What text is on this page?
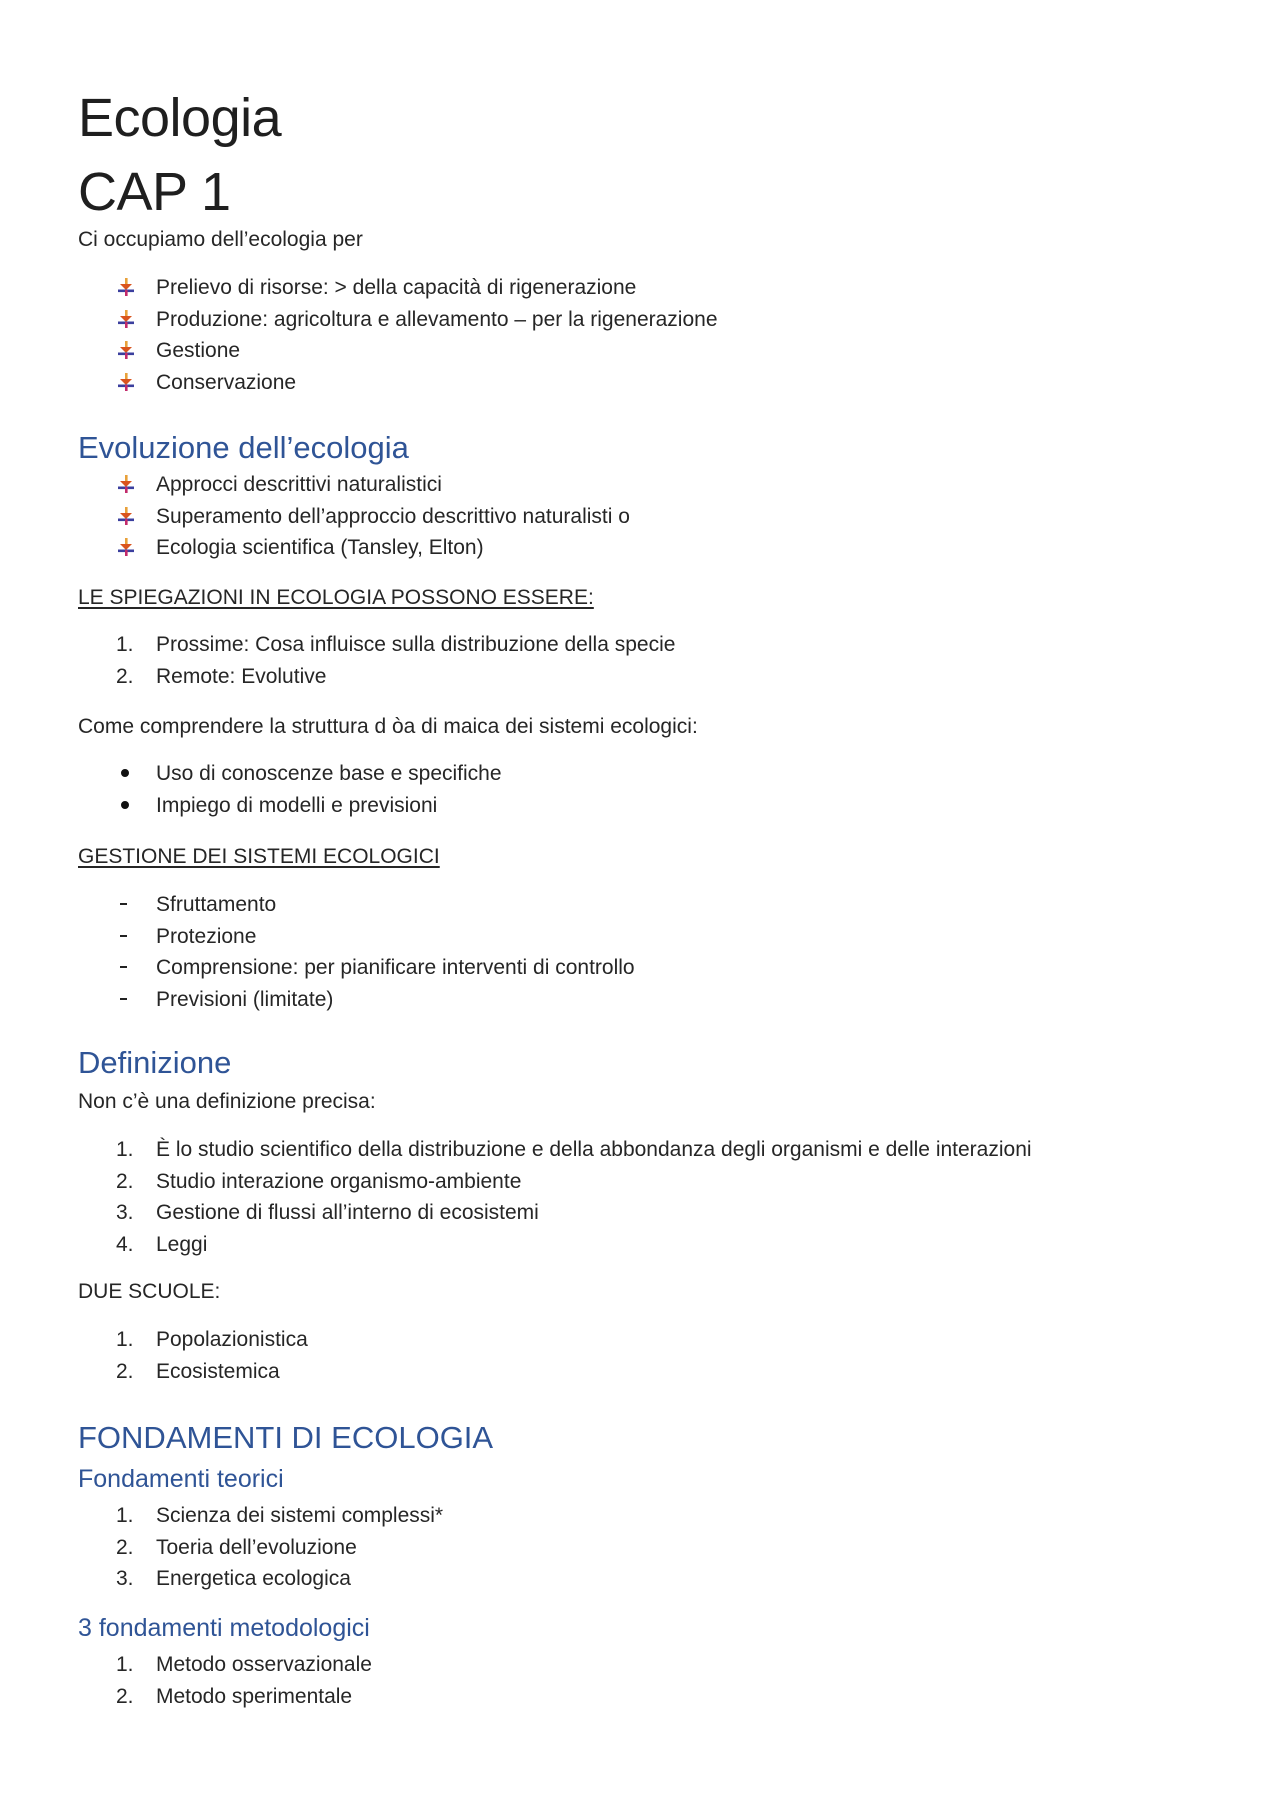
Ecologia
CAP 1

Ci occupiamo dell’ecologia per

Prelievo di risorse: > della capacità di rigenerazione
Produzione: agricoltura e allevamento – per la rigenerazione
Gestione
Conservazione
Evoluzione dell’ecologia
Approcci descrittivi naturalistici
Superamento dell’approccio descrittivo naturalisti o
Ecologia scientifica (Tansley, Elton)

LE SPIEGAZIONI IN ECOLOGIA POSSONO ESSERE:

1.	Prossime: Cosa influisce sulla distribuzione della specie
2.	Remote: Evolutive

Come comprendere la struttura d òa di maica dei sistemi ecologici:

Uso di conoscenze base e specifiche
Impiego di modelli e previsioni

GESTIONE DEI SISTEMI ECOLOGICI

Sfruttamento
Protezione
Comprensione: per pianificare interventi di controllo
Previsioni (limitate)
Definizione

Non c’è una definizione precisa:

1.	È lo studio scientifico della distribuzione e della abbondanza degli organismi e delle interazioni
2.	Studio interazione organismo-ambiente
3.	Gestione di flussi all’interno di ecosistemi
4.	Leggi

DUE SCUOLE:

1.	Popolazionistica
2.	Ecosistemica
FONDAMENTI DI ECOLOGIA
Fondamenti teorici
1.	Scienza dei sistemi complessi*
2.	Toeria dell’evoluzione
3.	Energetica ecologica
3 fondamenti metodologici
1.	Metodo osservazionale
2.	Metodo sperimentale
